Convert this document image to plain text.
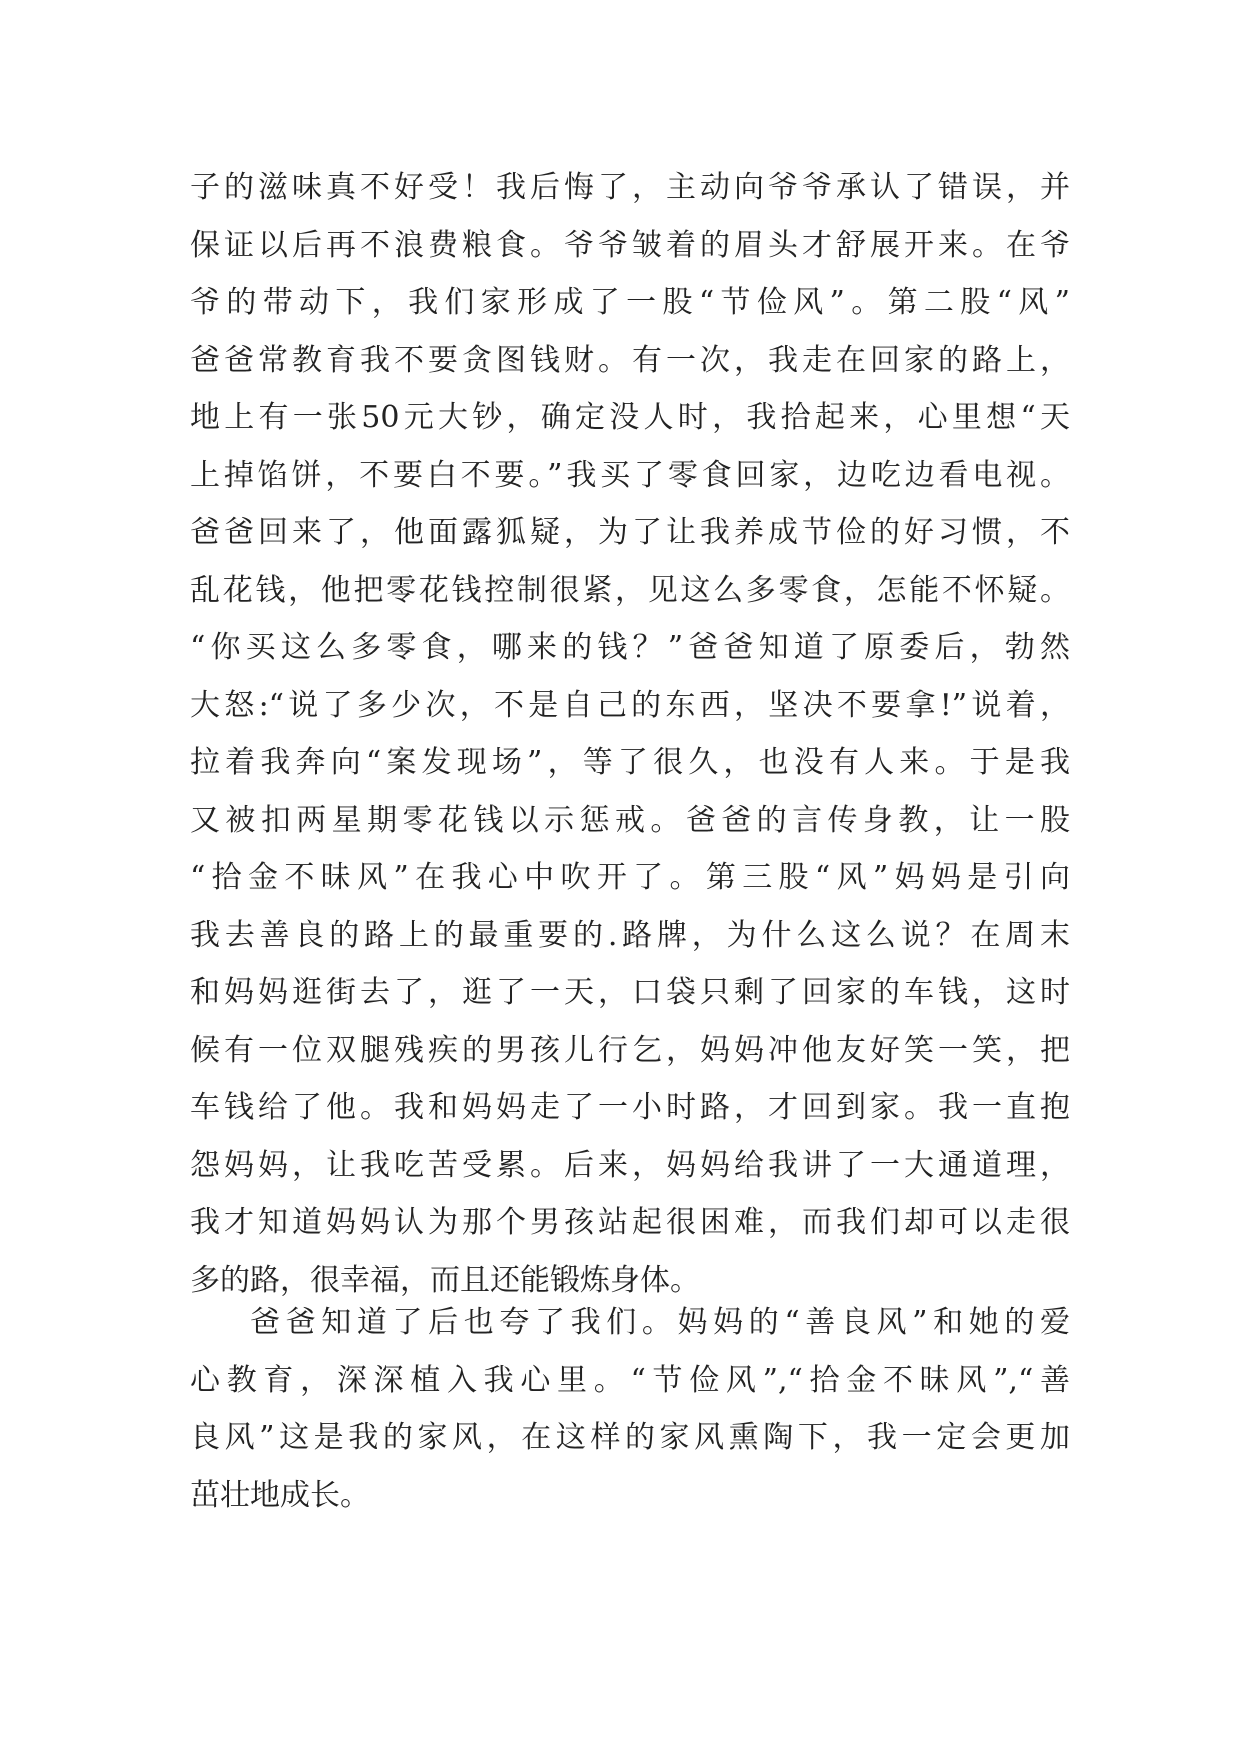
子的滋味真不好受！我后悔了，主动向爷爷承认了错误，并
保证以后再不浪费粮食。爷爷皱着的眉头才舒展开来。在爷
爷的带动下，我们家形成了一股“节俭风”。第二股“风”
爸爸常教育我不要贪图钱财。有一次，我走在回家的路上，
地上有一张50元大钞，确定没人时，我拾起来，心里想“天
上掉馅饼，不要白不要。”我买了零食回家，边吃边看电视。
爸爸回来了，他面露狐疑，为了让我养成节俭的好习惯，不
乱花钱，他把零花钱控制很紧，见这么多零食，怎能不怀疑。
“你买这么多零食，哪来的钱？”爸爸知道了原委后，勃然
大怒:“说了多少次，不是自己的东西，坚决不要拿!”说着，
拉着我奔向“案发现场”，等了很久，也没有人来。于是我
又被扣两星期零花钱以示惩戒。爸爸的言传身教，让一股
“拾金不昧风”在我心中吹开了。第三股“风”妈妈是引向
我去善良的路上的最重要的.路牌，为什么这么说？在周末
和妈妈逛街去了，逛了一天，口袋只剩了回家的车钱，这时
候有一位双腿残疾的男孩儿行乞，妈妈冲他友好笑一笑，把
车钱给了他。我和妈妈走了一小时路，才回到家。我一直抱
怨妈妈，让我吃苦受累。后来，妈妈给我讲了一大通道理，
我才知道妈妈认为那个男孩站起很困难，而我们却可以走很
多的路，很幸福，而且还能锻炼身体。
爸爸知道了后也夸了我们。妈妈的“善良风”和她的爱
心教育，深深植入我心里。“节俭风”,“拾金不昧风”,“善
良风”这是我的家风，在这样的家风熏陶下，我一定会更加
茁壮地成长。
